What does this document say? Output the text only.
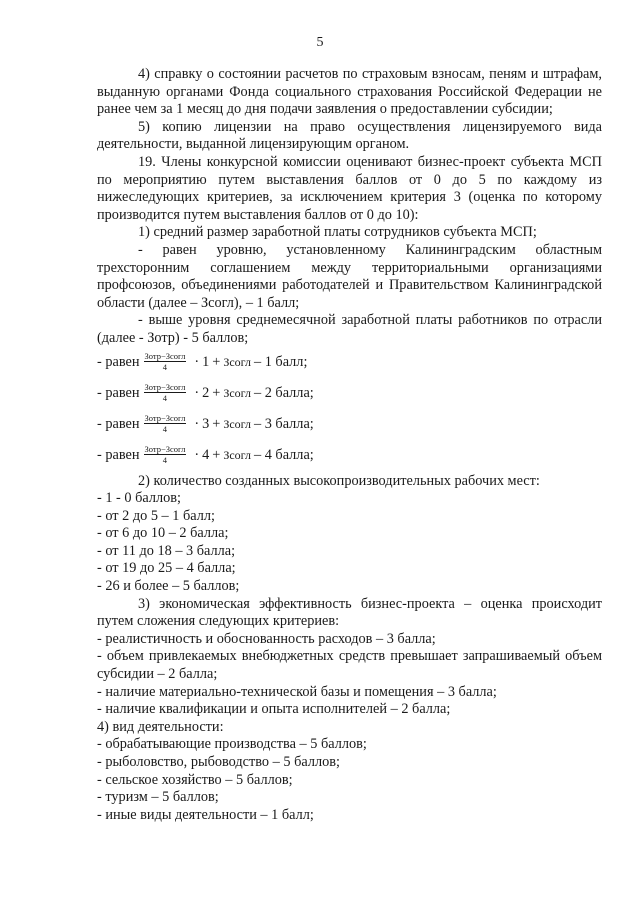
5

4) справку о состоянии расчетов по страховым взносам, пеням и штрафам, выданную органами Фонда социального страхования Российской Федерации не ранее чем за 1 месяц до дня подачи заявления о предоставлении субсидии;

5) копию лицензии на право осуществления лицензируемого вида деятельности, выданной лицензирующим органом.

19. Члены конкурсной комиссии оценивают бизнес-проект субъекта МСП по мероприятию путем выставления баллов от 0 до 5 по каждому из нижеследующих критериев, за исключением критерия 3 (оценка по которому производится путем выставления баллов от 0 до 10):

1) средний размер заработной платы сотрудников субъекта МСП;

- равен уровню, установленному Калининградским областным трехсторонним соглашением между территориальными организациями профсоюзов, объединениями работодателей и Правительством Калининградской области (далее – Зсогл), – 1 балл;

- выше уровня среднемесячной заработной платы работников по отрасли (далее - Зотр) - 5 баллов;

- равен $\frac{\text{Зотр−Зсогл}}{4} \cdot 1$ + Зсогл – 1 балл;
- равен $\frac{\text{Зотр−Зсогл}}{4} \cdot 2$ + Зсогл – 2 балла;
- равен $\frac{\text{Зотр−Зсогл}}{4} \cdot 3$ + Зсогл – 3 балла;
- равен $\frac{\text{Зотр−Зсогл}}{4} \cdot 4$ + Зсогл – 4 балла;

2) количество созданных высокопроизводительных рабочих мест:

- 1 - 0 баллов;

- от 2 до 5 – 1 балл;

- от 6 до 10 – 2 балла;

- от 11 до 18 – 3 балла;

- от 19 до 25 – 4 балла;

- 26 и более – 5 баллов;

3) экономическая эффективность бизнес-проекта – оценка происходит путем сложения следующих критериев:

- реалистичность и обоснованность расходов – 3 балла;

- объем привлекаемых внебюджетных средств превышает запрашиваемый объем субсидии – 2 балла;

- наличие материально-технической базы и помещения – 3 балла;

- наличие квалификации и опыта исполнителей – 2 балла;

4) вид деятельности:

- обрабатывающие производства – 5 баллов;

- рыболовство, рыбоводство – 5 баллов;

- сельское хозяйство – 5 баллов;

- туризм – 5 баллов;

- иные виды деятельности – 1 балл;
